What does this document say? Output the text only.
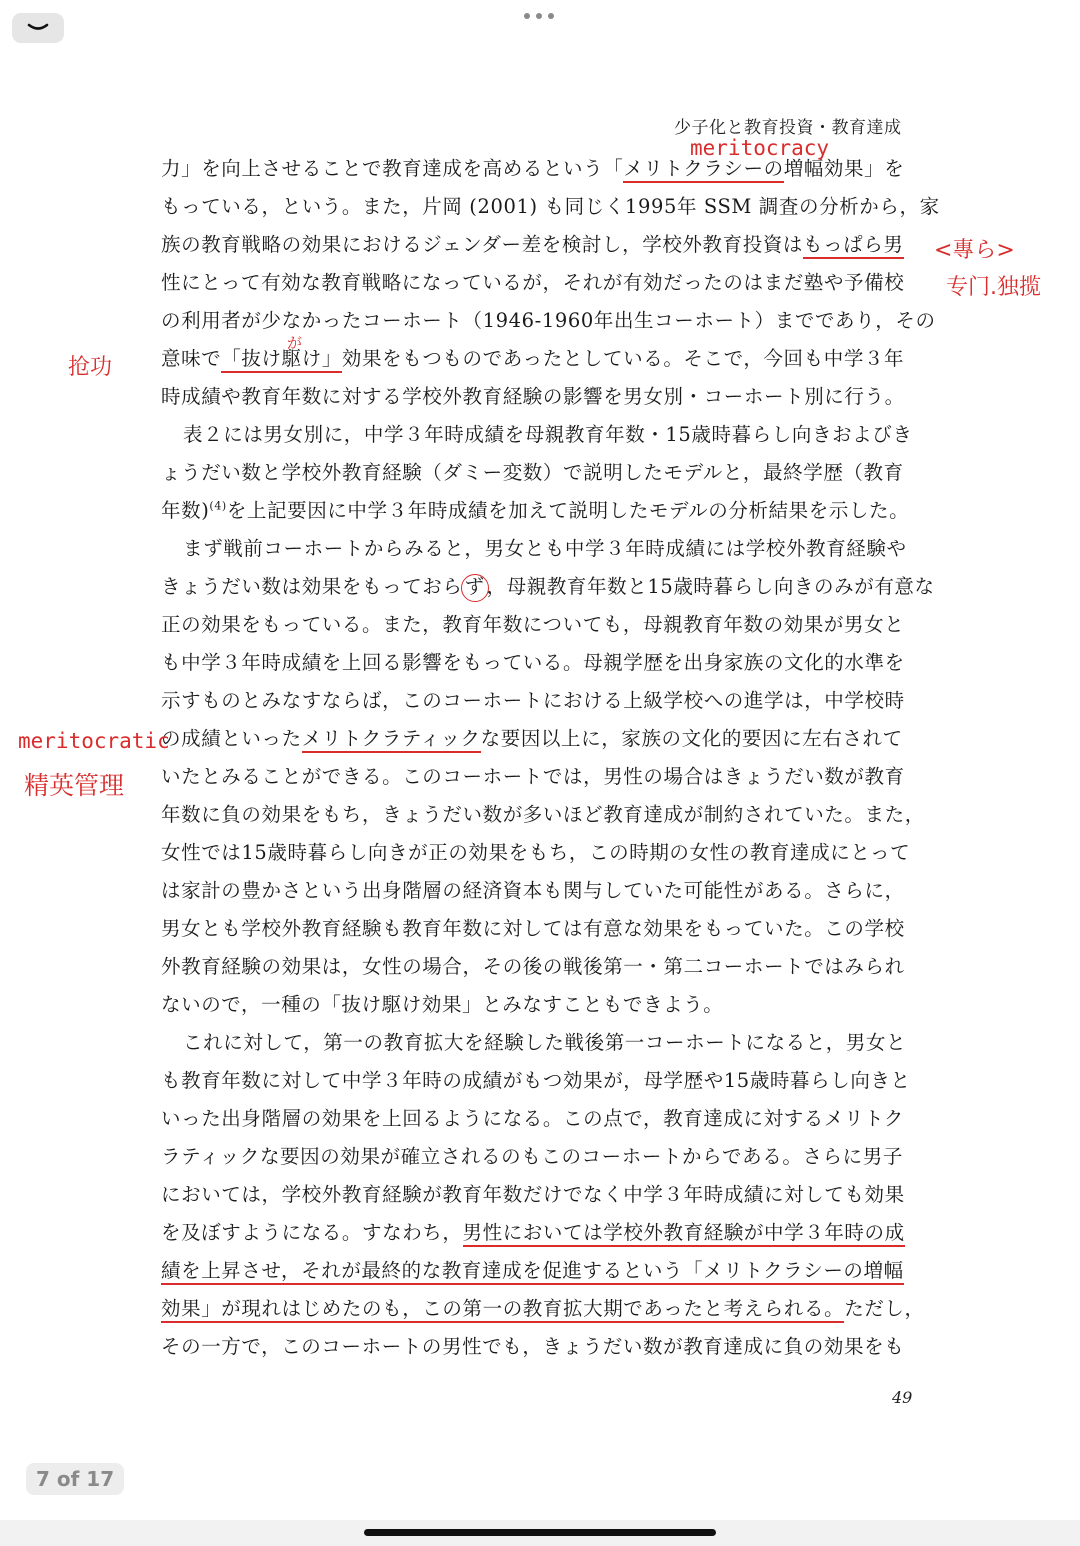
少子化と教育投資・教育達成
力」を向上させることで教育達成を高めるという「メリトクラシーの増幅効果」を
もっている，という。また，片岡 (2001) も同じく1995年 SSM 調査の分析から，家
族の教育戦略の効果におけるジェンダー差を検討し，学校外教育投資はもっぱら男
性にとって有効な教育戦略になっているが，それが有効だったのはまだ塾や予備校
の利用者が少なかったコーホート（1946-1960年出生コーホート）までであり，その
意味で「抜け駆け」効果をもつものであったとしている。そこで，今回も中学３年
時成績や教育年数に対する学校外教育経験の影響を男女別・コーホート別に行う。
表２には男女別に，中学３年時成績を母親教育年数・15歳時暮らし向きおよびき
ょうだい数と学校外教育経験（ダミー変数）で説明したモデルと，最終学歴（教育
年数)$^{(4)}$を上記要因に中学３年時成績を加えて説明したモデルの分析結果を示した。
まず戦前コーホートからみると，男女とも中学３年時成績には学校外教育経験や
きょうだい数は効果をもっておらず ，母親教育年数と15歳時暮らし向きのみが有意な
正の効果をもっている。また，教育年数についても，母親教育年数の効果が男女と
も中学３年時成績を上回る影響をもっている。母親学歴を出身家族の文化的水準を
示すものとみなすならば，このコーホートにおける上級学校への進学は，中学校時
の成績といったメリトクラティックな要因以上に，家族の文化的要因に左右されて
いたとみることができる。このコーホートでは，男性の場合はきょうだい数が教育
年数に負の効果をもち，きょうだい数が多いほど教育達成が制約されていた。また，
女性では15歳時暮らし向きが正の効果をもち，この時期の女性の教育達成にとって
は家計の豊かさという出身階層の経済資本も関与していた可能性がある。さらに，
男女とも学校外教育経験も教育年数に対しては有意な効果をもっていた。この学校
外教育経験の効果は，女性の場合，その後の戦後第一・第二コーホートではみられ
ないので，一種の「抜け駆け効果」とみなすこともできよう。
これに対して，第一の教育拡大を経験した戦後第一コーホートになると，男女と
も教育年数に対して中学３年時の成績がもつ効果が，母学歴や15歳時暮らし向きと
いった出身階層の効果を上回るようになる。この点で，教育達成に対するメリトク
ラティックな要因の効果が確立されるのもこのコーホートからである。さらに男子
においては，学校外教育経験が教育年数だけでなく中学３年時成績に対しても効果
を及ぼすようになる。すなわち，男性においては学校外教育経験が中学３年時の成
績を上昇させ，それが最終的な教育達成を促進するという「メリトクラシーの増幅
効果」が現れはじめたのも，この第一の教育拡大期であったと考えられる。ただし，
その一方で，このコーホートの男性でも，きょうだい数が教育達成に負の効果をも
meritocracy
<專ら>
专门.独揽
抢功
が
meritocratic
精英管理
49
7 of 17
